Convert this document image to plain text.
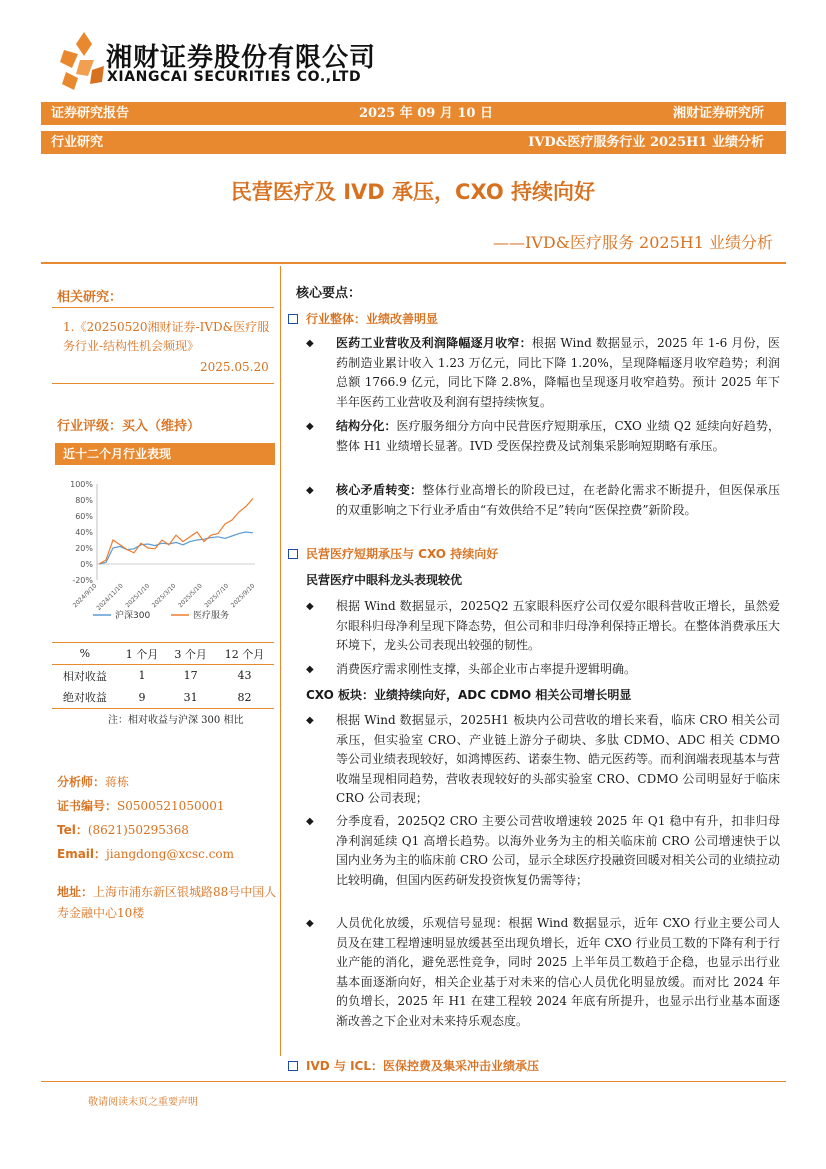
湘财证券股份有限公司
XIANGCAI SECURITIES CO.,LTD
证券研究报告	2025 年 09 月 10 日	湘财证券研究所
行业研究	IVD&医疗服务行业 2025H1 业绩分析
民营医疗及 IVD 承压，CXO 持续向好
——IVD&医疗服务 2025H1 业绩分析
相关研究：
1.《20250520湘财证券-IVD&医疗服务行业-结构性机会频现》
2025.05.20
行业评级：买入（维持）
近十二个月行业表现
100%
80%
60%
40%
20%
0%
-20%
2024/9/10
2024/11/10 2025/1/10 2025/3/10 2025/5/10 2025/7/10 2025/9/10
沪深300	医疗服务
%	1 个月	3 个月	12 个月
相对收益	1	17	43
绝对收益	9	31	82
注：相对收益与沪深 300 相比
分析师：蒋栋
证书编号：S0500521050001
Tel：(8621)50295368
Email：jiangdong@xcsc.com
地址：上海市浦东新区银城路88号中国人寿金融中心10楼
核心要点：
行业整体：业绩改善明显
◆ 医药工业营收及利润降幅逐月收窄：根据 Wind 数据显示，2025 年 1-6 月份，医药制造业累计收入 1.23 万亿元，同比下降 1.20%，呈现降幅逐月收窄趋势；利润总额 1766.9 亿元，同比下降 2.8%，降幅也呈现逐月收窄趋势。预计 2025 年下半年医药工业营收及利润有望持续恢复。
◆ 结构分化：医疗服务细分方向中民营医疗短期承压，CXO 业绩 Q2 延续向好趋势，整体 H1 业绩增长显著。IVD 受医保控费及试剂集采影响短期略有承压。
◆ 核心矛盾转变：整体行业高增长的阶段已过，在老龄化需求不断提升，但医保承压的双重影响之下行业矛盾由“有效供给不足”转向“医保控费”新阶段。
民营医疗短期承压与 CXO 持续向好
民营医疗中眼科龙头表现较优
◆ 根据 Wind 数据显示，2025Q2 五家眼科医疗公司仅爱尔眼科营收正增长，虽然爱尔眼科归母净利呈现下降态势，但公司和非归母净利保持正增长。在整体消费承压大环境下，龙头公司表现出较强的韧性。
◆ 消费医疗需求刚性支撑，头部企业市占率提升逻辑明确。
CXO 板块：业绩持续向好，ADC CDMO 相关公司增长明显
◆ 根据 Wind 数据显示，2025H1 板块内公司营收的增长来看，临床 CRO 相关公司承压，但实验室 CRO、产业链上游分子砌块、多肽 CDMO、ADC 相关 CDMO 等公司业绩表现较好，如鸿博医药、诺泰生物、皓元医药等。而利润端表现基本与营收端呈现相同趋势，营收表现较好的头部实验室 CRO、CDMO 公司明显好于临床 CRO 公司表现；
◆ 分季度看，2025Q2 CRO 主要公司营收增速较 2025 年 Q1 稳中有升，扣非归母净利润延续 Q1 高增长趋势。以海外业务为主的相关临床前 CRO 公司增速快于以国内业务为主的临床前 CRO 公司，显示全球医疗投融资回暖对相关公司的业绩拉动比较明确，但国内医药研发投资恢复仍需等待；
◆ 人员优化放缓，乐观信号显现：根据 Wind 数据显示，近年 CXO 行业主要公司人员及在建工程增速明显放缓甚至出现负增长，近年 CXO 行业员工数的下降有利于行业产能的消化，避免恶性竞争，同时 2025 上半年员工数趋于企稳，也显示出行业基本面逐渐向好，相关企业基于对未来的信心人员优化明显放缓。而对比 2024 年的负增长，2025 年 H1 在建工程较 2024 年底有所提升，也显示出行业基本面逐渐改善之下企业对未来持乐观态度。
IVD 与 ICL：医保控费及集采冲击业绩承压
敬请阅读末页之重要声明
